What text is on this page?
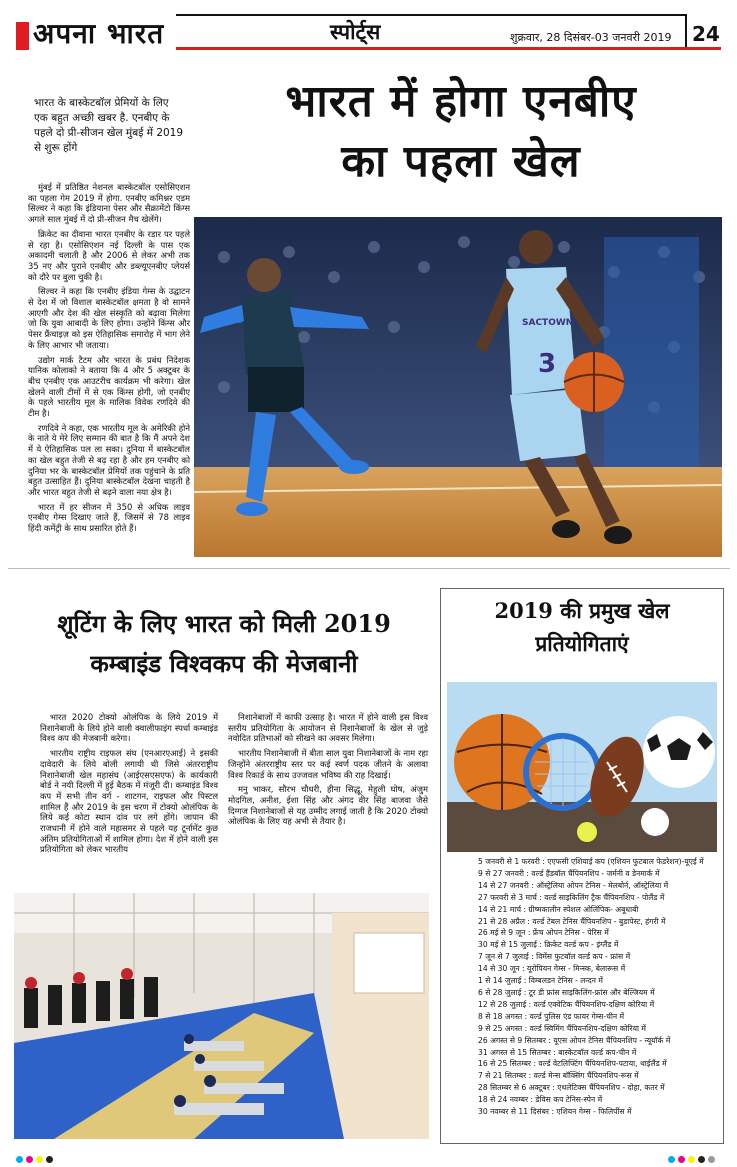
अपना भारत	स्पोर्ट्स	शुक्रवार, 28 दिसंबर-03 जनवरी 2019 24
भारत के बास्केटबॉल प्रेमियों के लिए एक बहुत अच्छी खबर है. एनबीए के पहले दो प्री-सीजन खेल मुंबई में 2019 से शुरू होंगे
भारत में होगा एनबीए
का पहला खेल

मुंबई में प्रतिष्ठित नेशनल बास्केटबॉल एसोसिएशन का पहला गेम 2019 में होगा. एनबीए कमिश्नर एडम सिल्वर ने कहा कि इंडियाना पेसर और सैक्रामेंटो किंग्स अगले साल मुंबई में दो प्री-सीजन मैच खेलेंगे।

क्रिकेट का दीवाना भारत एनबीए के रडार पर पहले से रहा है। एसोसिएशन नई दिल्ली के पास एक अकादमी चलाती है और 2006 से लेकर अभी तक 35 नए और पुराने एनबीए और डब्ल्यूएनबीए प्लेयर्स को दौरे पर बुला चुकी है।

सिल्वर ने कहा कि एनबीए इंडिया गेम्स के उद्घाटन से देश में जो विशाल बास्केटबॉल क्षमता है वो सामने आएगी और देश की खेल संस्कृति को बढ़ावा मिलेगा जो कि युवा आबादी के लिए होगा। उन्होंने किंग्स और पेसर फ्रैंचाइज़ को इस ऐतिहासिक समारोह में भाग लेने के लिए आभार भी जताया।

उद्योग मार्क टैटम और भारत के प्रबंध निदेशक यानिक कोलाको ने बताया कि 4 और 5 अक्टूबर के बीच एनबीए एक आउटरीच कार्यक्रम भी करेगा। खेल खेलने वाली टीमों में से एक किंग्स होगी, जो एनबीए के पहले भारतीय मूल के मालिक विवेक रणदिवे की टीम है।

रणदिवे ने कहा, एक भारतीय मूल के अमेरिकी होने के नाते ये मेरे लिए सम्मान की बात है कि मैं अपने देश में ये ऐतिहासिक पल ला सका। दुनिया में बास्केटबॉल का खेल बहुत तेजी से बढ़ रहा है और हम एनबीए को दुनिया भर के बास्केटबॉल प्रेमियों तक पहुंचाने के प्रति बहुत उत्साहित हैं। दुनिया बास्केटबॉल देखना चाहती है और भारत बहुत तेजी से बढ़ने वाला नया क्षेत्र है।

भारत में हर सीजन में 350 से अधिक लाइव एनबीए गेम्स दिखाए जाते हैं, जिसमें से 78 लाइव हिंदी कमेंट्री के साथ प्रसारित होते हैं।

SACTOWN
3
शूटिंग के लिए भारत को मिली 2019
कम्बाइंड विश्वकप की मेजबानी

भारत 2020 टोक्यो ओलंपिक के लिये 2019 में निशानेबाजी के लिये होने वाली क्वालीफाइंग स्पर्धा कम्बाइंड विश्व कप की मेजबानी करेगा।

भारतीय राष्ट्रीय राइफल संघ (एनआरएआई) ने इसकी दावेदारी के लिये बोली लगायी थी जिसे अंतरराष्ट्रीय निशानेबाजी खेल महासंघ (आईएसएसएफ) के कार्यकारी बोर्ड ने नयी दिल्ली में हुई बैठक में मंजूरी दी। कम्बाइंड विश्व कप में सभी तीन वर्ग - शाटगन, राइफल और पिस्टल शामिल हैं और 2019 के इस चरण में टोक्यो ओलंपिक के लिये कई कोटा स्थान दांव पर लगे होंगे। जापान की राजधानी में होने वाले महासमर से पहले यह टूर्नामेंट कुछ अंतिम प्रतियोगिताओं में शामिल होगा। देश में होने वाली इस प्रतियोगिता को लेकर भारतीय

निशानेबाजों में काफी उत्साह है। भारत में होने वाली इस विश्व स्तरीय प्रतियोगिता के आयोजन से निशानेबाजों के खेल से जुड़े नवोदित प्रतिभाओं को सीखने का अवसर मिलेगा।

भारतीय निशानेबाजी में बीता साल युवा निशानेबाजों के नाम रहा जिन्होंने अंतरराष्ट्रीय स्तर पर कई स्वर्ण पदक जीतने के अलावा विश्व रिकार्ड के साथ उज्जवल भविष्य की राह दिखाई।

मनु भाकर, सौरभ चौधरी, हीना सिद्धू, मेहुली घोष, अंजुम मोदगिल, अनीश, ईशा सिंह और अंगद वीर सिंह बाजवा जैसे दिग्गज निशानेबाजों से यह उम्मीद लगाई जाती है कि 2020 टोक्यो ओलंपिक के लिए यह अभी से तैयार है।

2019 की प्रमुख खेल
प्रतियोगिताएं
5 जनवरी से 1 फरवरी : एएफसी एशियाई कप (एशियन फुटबाल फेडरेशन)-यूएई में
9 से 27 जनवरी : वर्ल्ड हैंडबॉल चैंपियनशिप - जर्मनी व डेनमार्क में
14 से 27 जनवरी : ऑस्ट्रेलिया ओपन टेनिस - मेलबोर्न, ऑस्ट्रेलिया में
27 फरवरी से 3 मार्च : वर्ल्ड साइकिलिंग ट्रैक चैंपियनशिप - पोलैंड में
14 से 21 मार्च : ग्रीष्मकालीन स्पेशल ओलिंपिक- अबूधाबी
21 से 28 अप्रैल : वर्ल्ड टेबल टेनिस चैंपियनशिप - बुडापेस्ट, हंगरी में
26 मई से 9 जून : फ्रेंच ओपन टेनिस - पेरिस में
30 मई से 15 जुलाई : क्रिकेट वर्ल्ड कप - इंग्लैंड में
7 जून से 7 जुलाई : विमेंस फुटबॉल वर्ल्ड कप - फ्रांस में
14 से 30 जून : यूरोपियन गेम्स - मिन्स्क, बेलारूस में
1 से 14 जुलाई : विम्बलडन टेनिस - लन्दन में
6 से 28 जुलाई : टूर डी फ्रांस साइकिलिंग-फ्रांस और बेल्जियम में
12 से 28 जुलाई : वर्ल्ड एक्वेटिक चैंपियनशिप-दक्षिण कोरिया में
8 से 18 अगस्त : वर्ल्ड पुलिस एंड फायर गेम्स-चीन में
9 से 25 अगस्त : वर्ल्ड स्विमिंग चैंपियनशिप-दक्षिण कोरिया में
26 अगस्त से 9 सितम्बर : यूएस ओपन टेनिस चैंपियनशिप - न्यूयॉर्क में
31 अगस्त से 15 सितम्बर : बास्केटबॉल वर्ल्ड कप-चीन में
16 से 25 सितम्बर : वर्ल्ड वेटलिफ्टिंग चैंपियनशिप-पटाया, थाईलैंड में
7 से 21 सितम्बर : वर्ल्ड मेन्स बॉक्सिंग चैंपियनशिप-रूस में
28 सितम्बर से 6 अक्टूबर : एथलेटिक्स चैंपियनशिप - दोहा, कतर में
18 से 24 नवम्बर : डेविस कप टेनिस-स्पेन में
30 नवम्बर से 11 दिसंबर : एशियन गेम्स - फिलिपींस में
